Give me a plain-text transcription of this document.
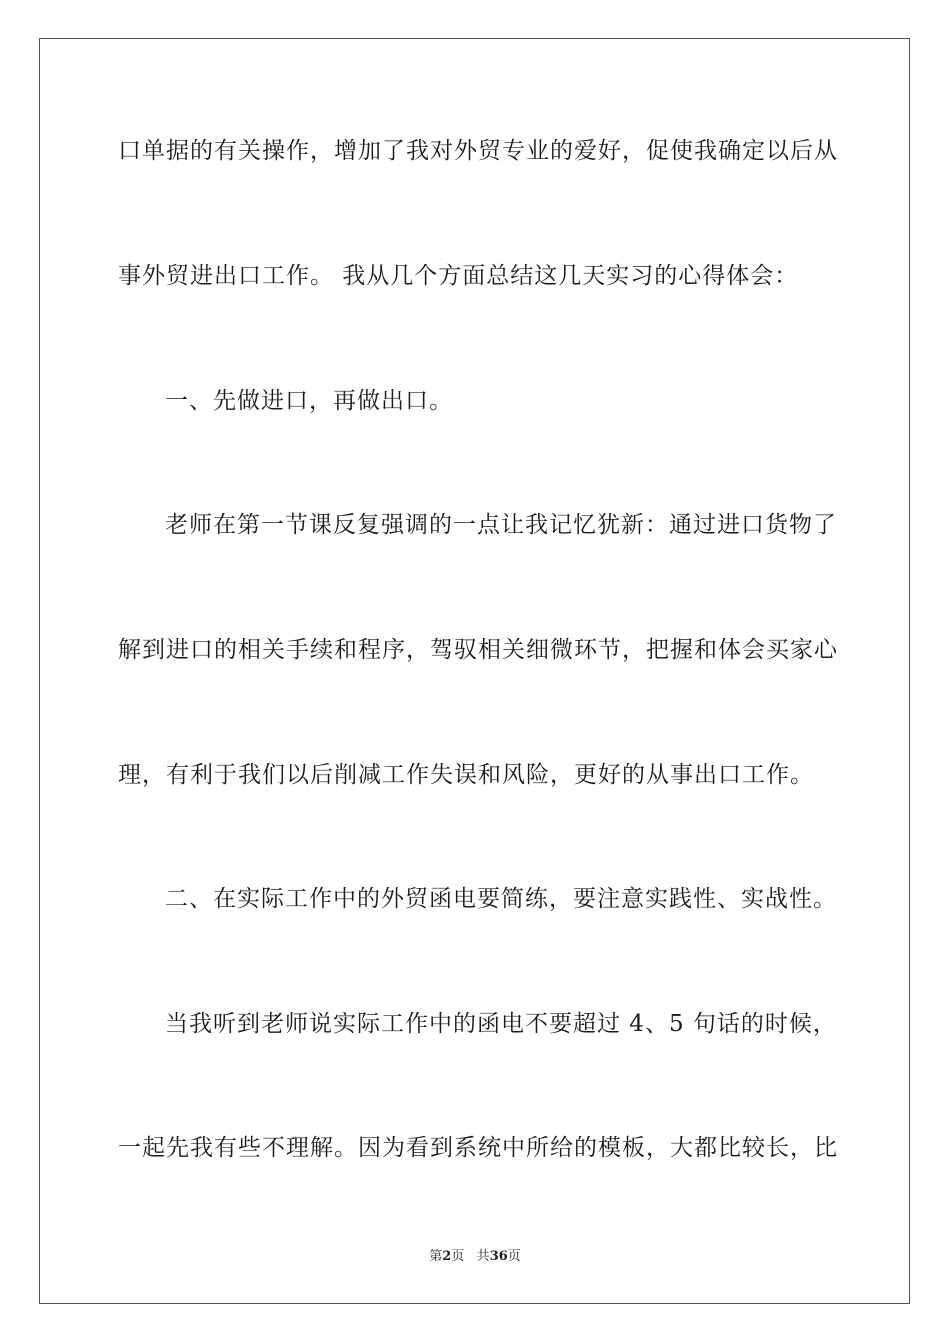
口单据的有关操作，增加了我对外贸专业的爱好，促使我确定以后从
事外贸进出口工作。 我从几个方面总结这几天实习的心得体会：
一、先做进口，再做出口。
老师在第一节课反复强调的一点让我记忆犹新：通过进口货物了
解到进口的相关手续和程序，驾驭相关细微环节，把握和体会买家心
理，有利于我们以后削减工作失误和风险，更好的从事出口工作。
二、在实际工作中的外贸函电要简练，要注意实践性、实战性。
当我听到老师说实际工作中的函电不要超过 4、5 句话的时候，
一起先我有些不理解。因为看到系统中所给的模板，大都比较长，比
第2页 共36页
